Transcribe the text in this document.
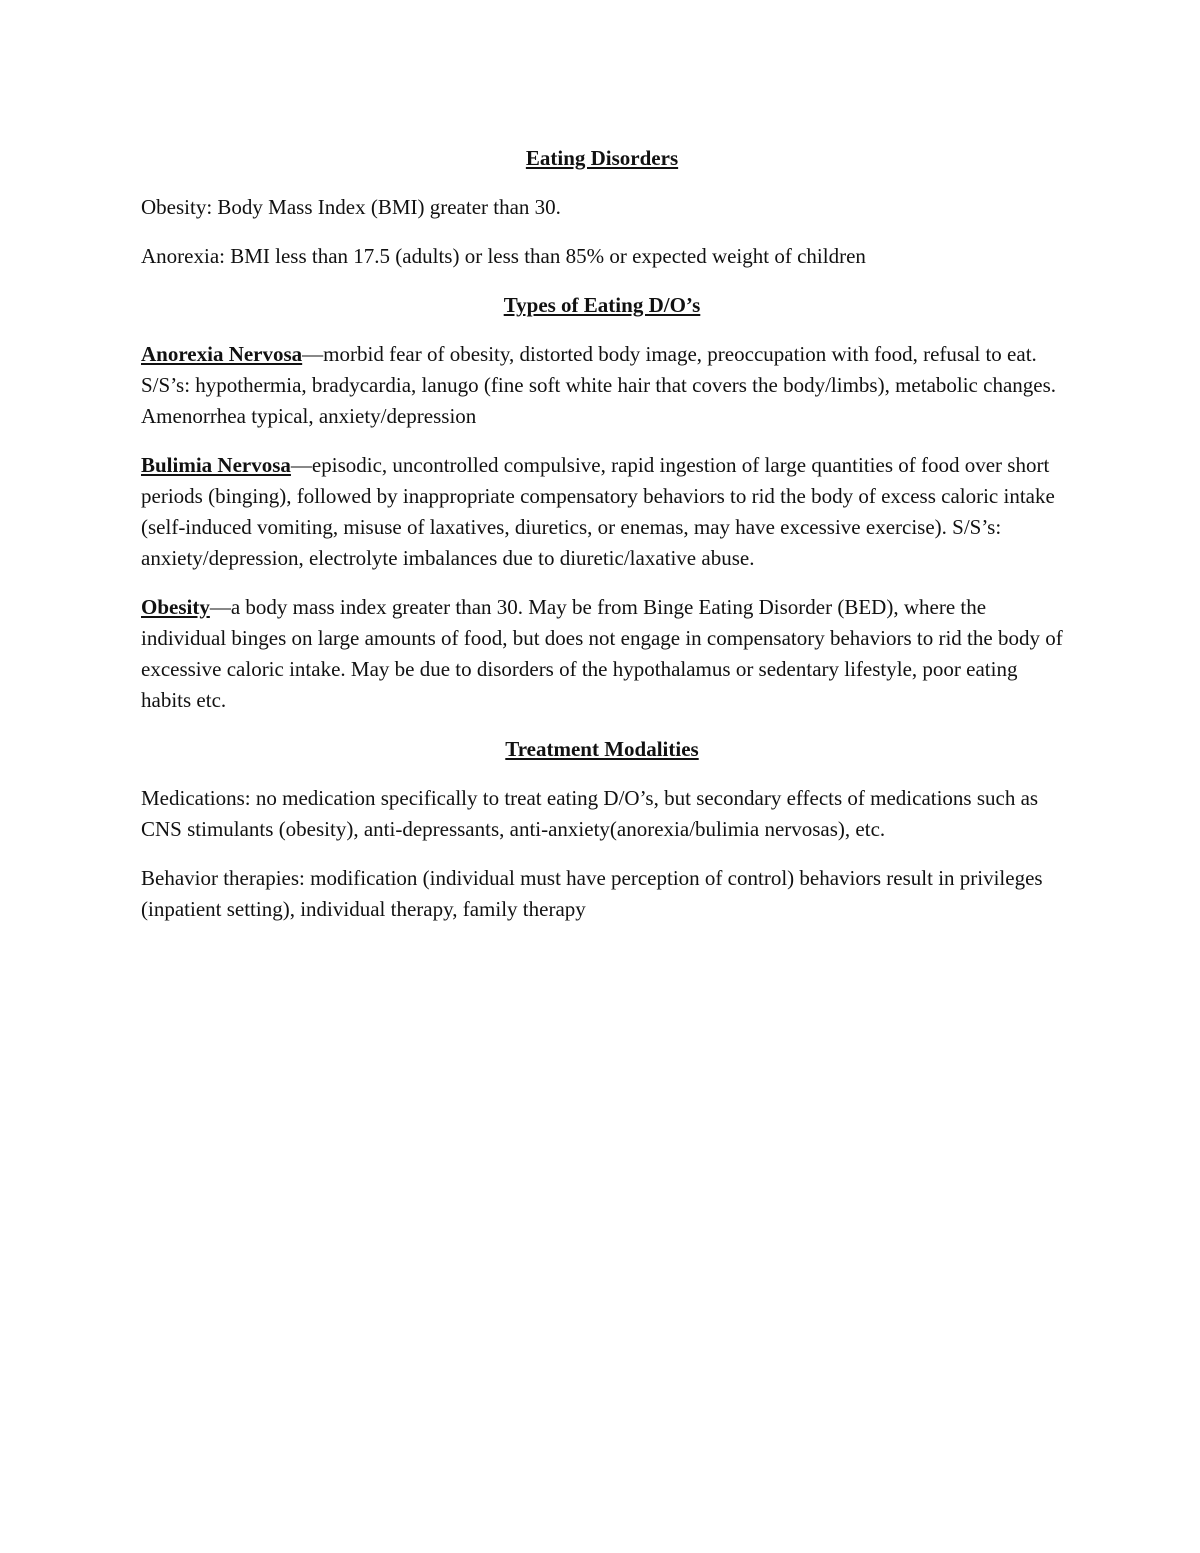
Eating Disorders

Obesity: Body Mass Index (BMI) greater than 30.

Anorexia: BMI less than 17.5 (adults) or less than 85% or expected weight of children

Types of Eating D/O’s

Anorexia Nervosa—morbid fear of obesity, distorted body image, preoccupation with food, refusal to eat. S/S’s: hypothermia, bradycardia, lanugo (fine soft white hair that covers the body/limbs), metabolic changes. Amenorrhea typical, anxiety/depression

Bulimia Nervosa—episodic, uncontrolled compulsive, rapid ingestion of large quantities of food over short periods (binging), followed by inappropriate compensatory behaviors to rid the body of excess caloric intake (self-induced vomiting, misuse of laxatives, diuretics, or enemas, may have excessive exercise). S/S’s: anxiety/depression, electrolyte imbalances due to diuretic/laxative abuse.

Obesity—a body mass index greater than 30. May be from Binge Eating Disorder (BED), where the individual binges on large amounts of food, but does not engage in compensatory behaviors to rid the body of excessive caloric intake. May be due to disorders of the hypothalamus or sedentary lifestyle, poor eating habits etc.

Treatment Modalities

Medications: no medication specifically to treat eating D/O’s, but secondary effects of medications such as CNS stimulants (obesity), anti-depressants, anti-anxiety(anorexia/bulimia nervosas), etc.

Behavior therapies: modification (individual must have perception of control) behaviors result in privileges (inpatient setting), individual therapy, family therapy
